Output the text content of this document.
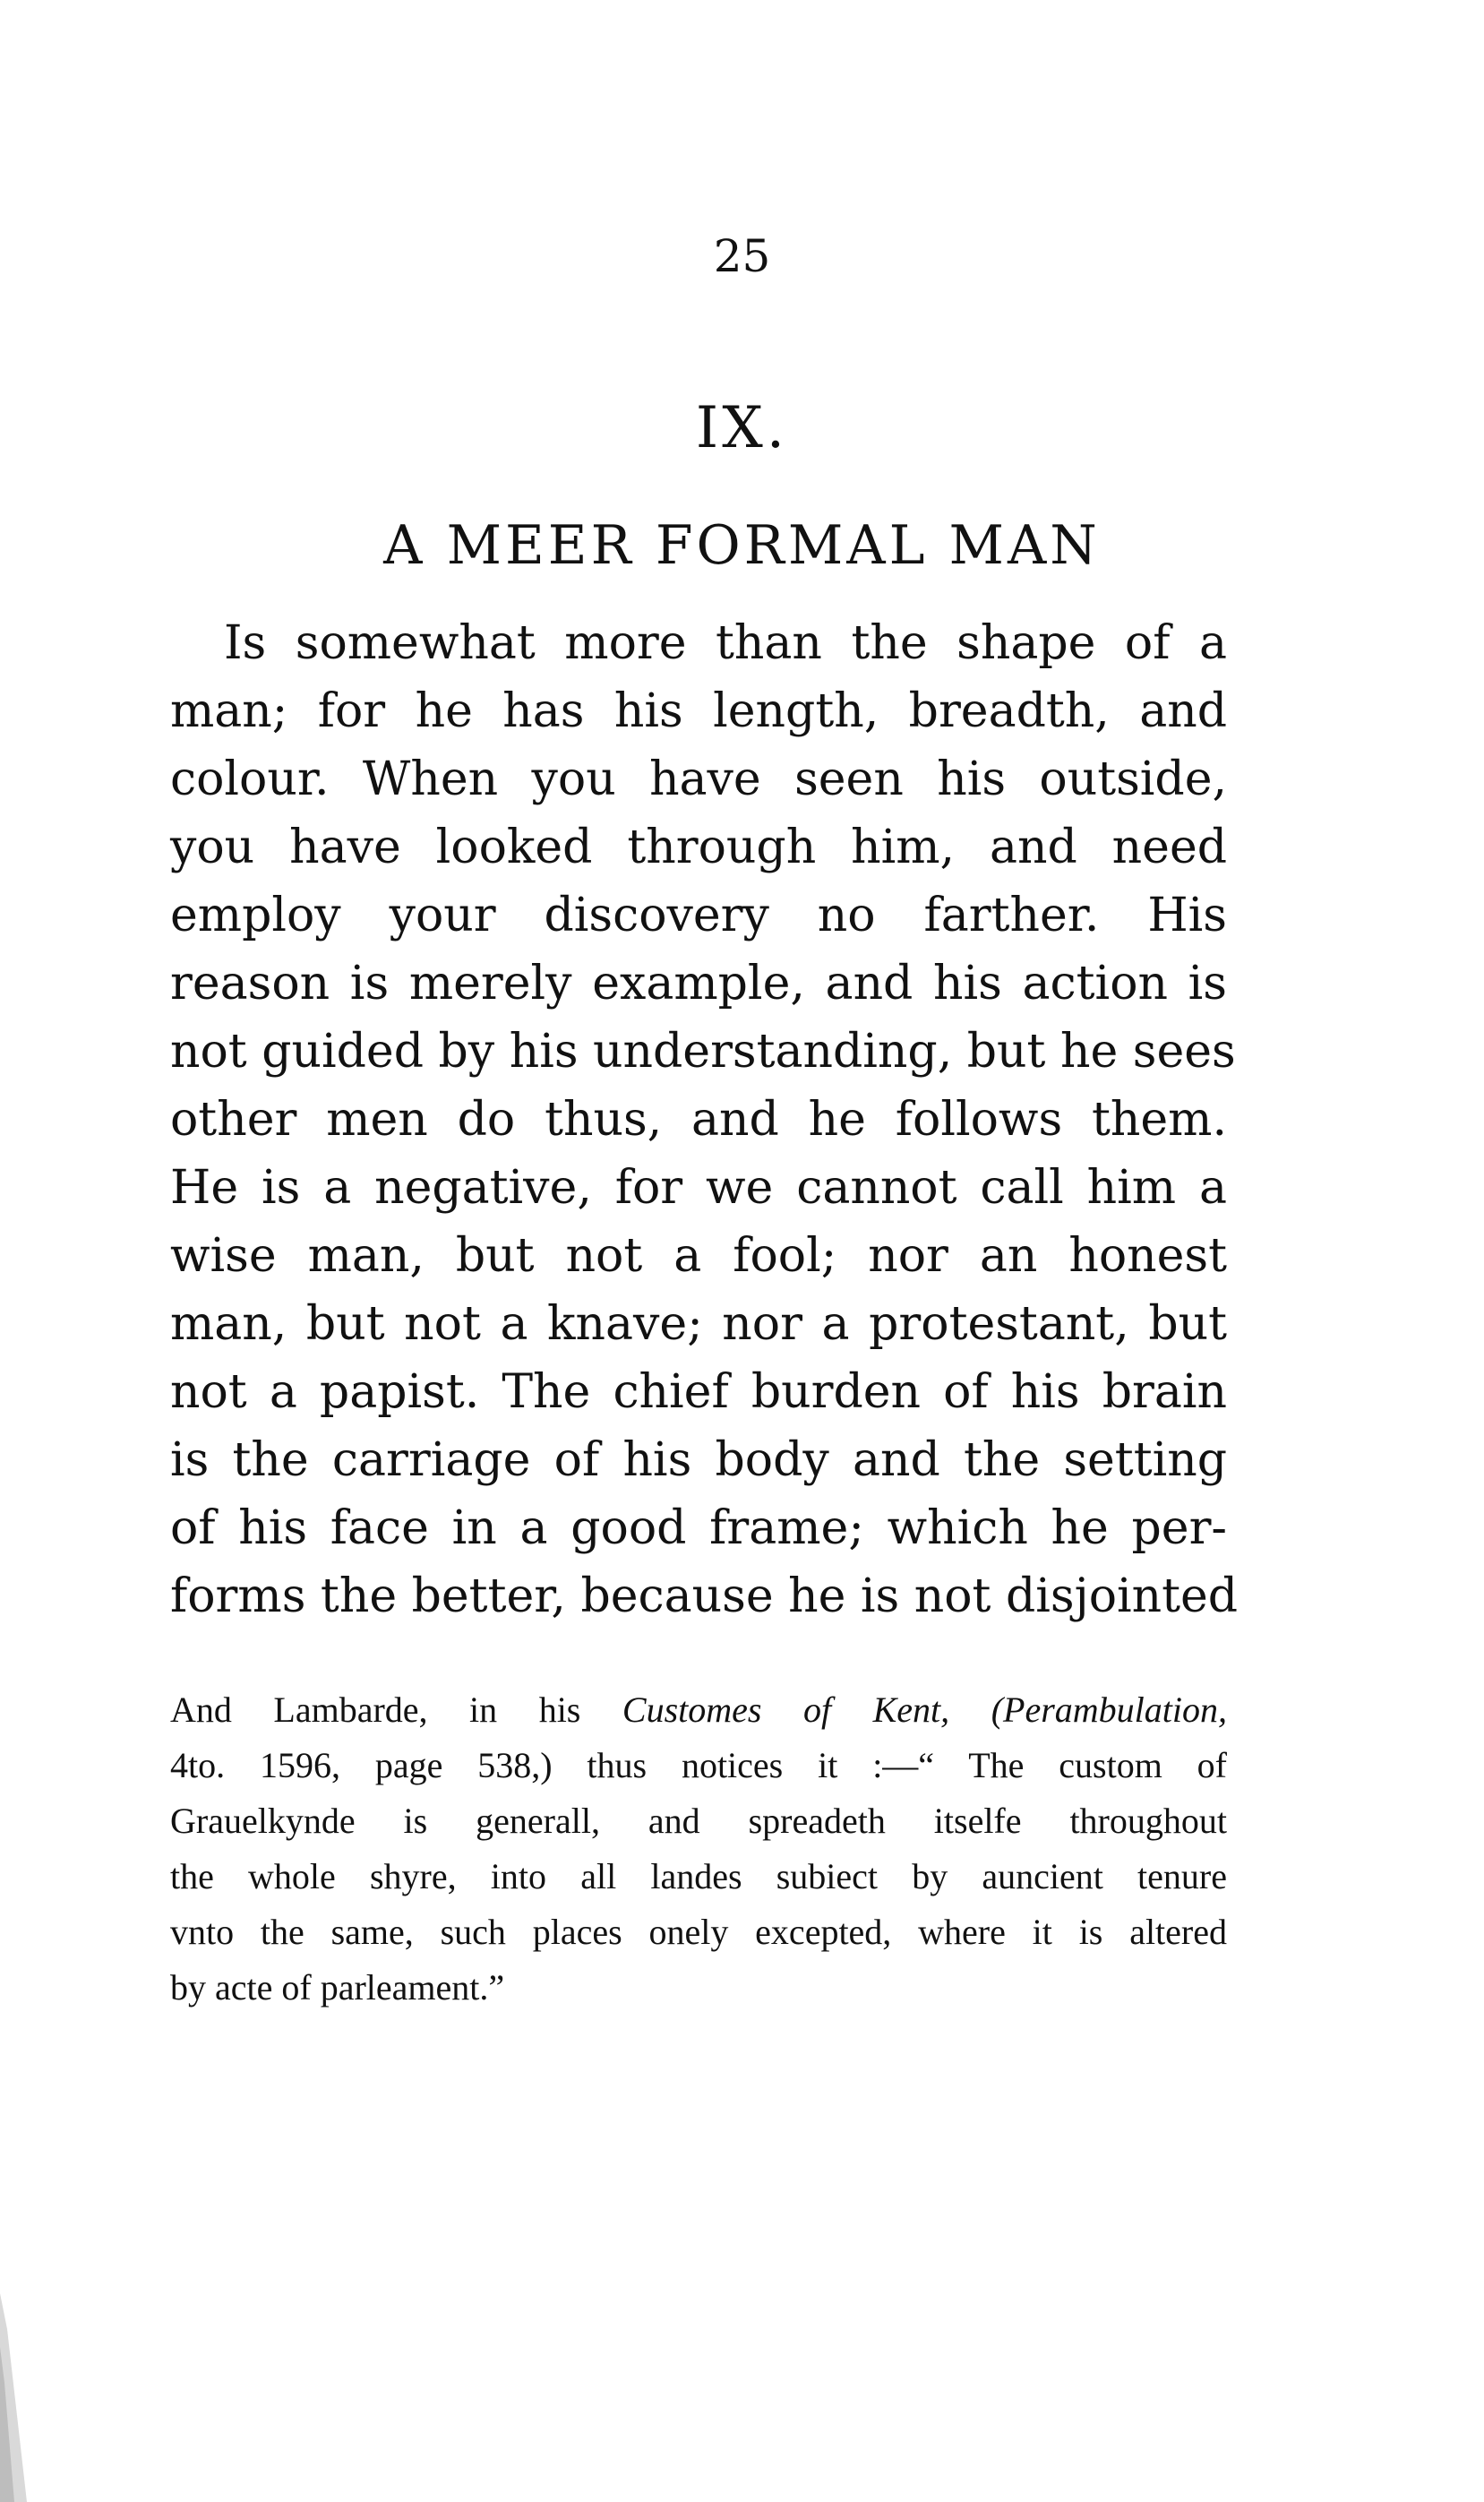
25
IX.
A MEER FORMAL MAN
Is somewhat more than the shape of a
man; for he has his length, breadth, and
colour. When you have seen his outside,
you have looked through him, and need
employ your discovery no farther. His
reason is merely example, and his action is
not guided by his understanding, but he sees
other men do thus, and he follows them.
He is a negative, for we cannot call him a
wise man, but not a fool; nor an honest
man, but not a knave; nor a protestant, but
not a papist. The chief burden of his brain
is the carriage of his body and the setting
of his face in a good frame; which he per-
forms the better, because he is not disjointed
And Lambarde, in his Customes of Kent, (Perambulation,
4to. 1596, page 538,) thus notices it :—“ The custom of
Grauelkynde is generall, and spreadeth itselfe throughout
the whole shyre, into all landes subiect by auncient tenure
vnto the same, such places onely excepted, where it is altered
by acte of parleament.”
